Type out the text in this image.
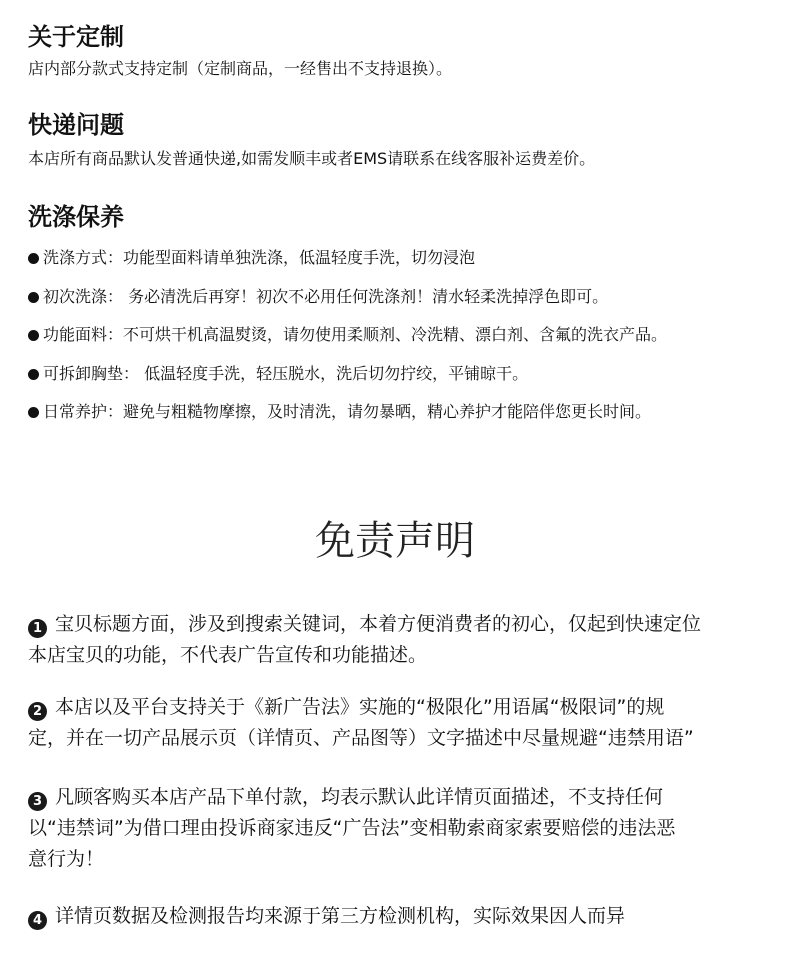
关于定制

店内部分款式支持定制（定制商品，一经售出不支持退换）。

快递问题

本店所有商品默认发普通快递,如需发顺丰或者EMS请联系在线客服补运费差价。

洗涤保养
洗涤方式：功能型面料请单独洗涤，低温轻度手洗，切勿浸泡
初次洗涤： 务必清洗后再穿！初次不必用任何洗涤剂！清水轻柔洗掉浮色即可。
功能面料：不可烘干机高温熨烫，请勿使用柔顺剂、冷洗精、漂白剂、含氟的洗衣产品。
可拆卸胸垫： 低温轻度手洗，轻压脱水，洗后切勿拧绞，平铺晾干。
日常养护：避免与粗糙物摩擦，及时清洗，请勿暴晒，精心养护才能陪伴您更长时间。
免责声明
1 宝贝标题方面，涉及到搜索关键词，本着方便消费者的初心，仅起到快速定位
本店宝贝的功能，不代表广告宣传和功能描述。
2 本店以及平台支持关于《新广告法》实施的“极限化”用语属“极限词”的规
定，并在一切产品展示页（详情页、产品图等）文字描述中尽量规避“违禁用语”
3 凡顾客购买本店产品下单付款，均表示默认此详情页面描述，不支持任何
以“违禁词”为借口理由投诉商家违反“广告法”变相勒索商家索要赔偿的违法恶
意行为！
4 详情页数据及检测报告均来源于第三方检测机构，实际效果因人而异
